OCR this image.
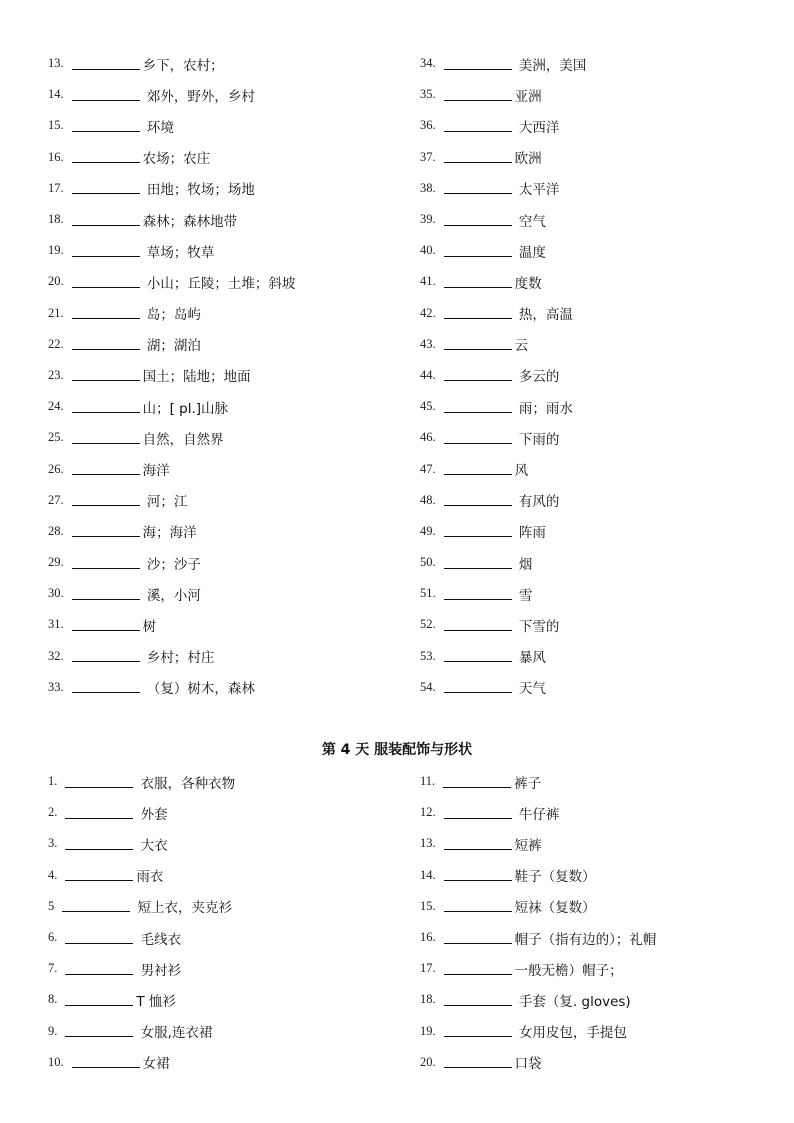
13.	乡下，农村；
14.	郊外，野外，乡村
15.	环境
16.	农场；农庄
17.	田地；牧场；场地
18.	森林；森林地带
19.	草场；牧草
20.	小山；丘陵；土堆；斜坡
21.	岛；岛屿
22.	湖；湖泊
23.	国土；陆地；地面
24.	山；[ pl.]山脉
25.	自然，自然界
26.	海洋
27.	河；江
28.	海；海洋
29.	沙；沙子
30.	溪，小河
31.	树
32.	乡村；村庄
33.	（复）树木，森林
34.	美洲，美国
35.	亚洲
36.	大西洋
37.	欧洲
38.	太平洋
39.	空气
40.	温度
41.	度数
42.	热，高温
43.	云
44.	多云的
45.	雨；雨水
46.	下雨的
47.	风
48.	有风的
49.	阵雨
50.	烟
51.	雪
52.	下雪的
53.	暴风
54.	天气
第 4 天 服装配饰与形状
1.	衣服，各种衣物
2.	外套
3.	大衣
4.	雨衣
5	短上衣，夹克衫
6.	毛线衣
7.	男衬衫
8.	T 恤衫
9.	女服,连衣裙
10.	女裙
11.	裤子
12.	牛仔裤
13.	短裤
14.	鞋子（复数）
15.	短袜（复数）
16.	帽子（指有边的）；礼帽
17.	一般无檐）帽子；
18.	手套（复. gloves)
19.	女用皮包，手提包
20.	口袋
